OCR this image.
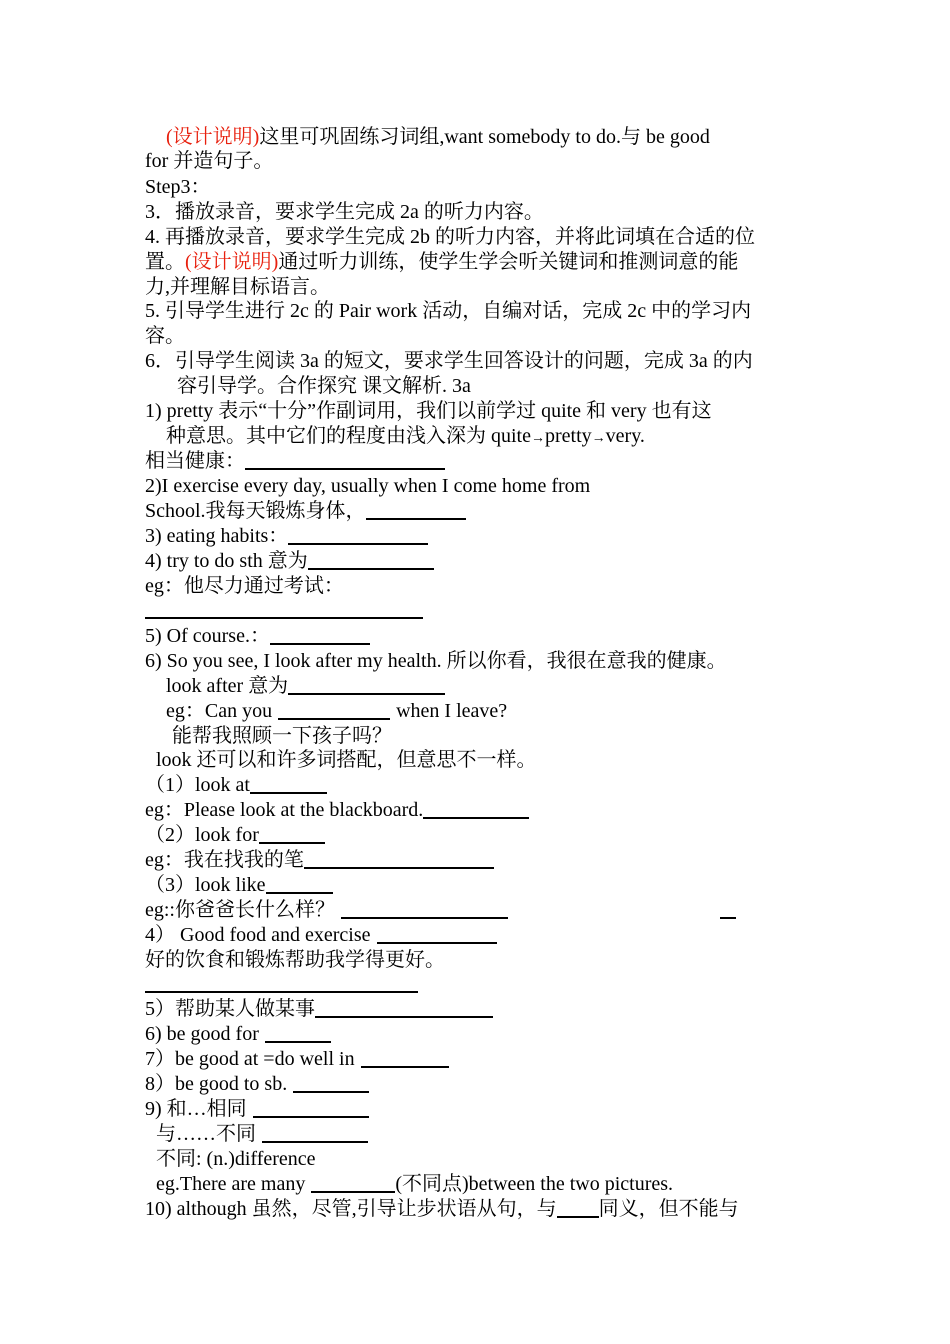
(设计说明)这里可巩固练习词组,want somebody to do.与 be good
for 并造句子。
Step3：
3．播放录音，要求学生完成 2a 的听力内容。
4. 再播放录音，要求学生完成 2b 的听力内容，并将此词填在合适的位
置。(设计说明)通过听力训练，使学生学会听关键词和推测词意的能
力,并理解目标语言。
5. 引导学生进行 2c 的 Pair work 活动，自编对话，完成 2c 中的学习内
容。
6．引导学生阅读 3a 的短文，要求学生回答设计的问题，完成 3a 的内
容引导学。合作探究 课文解析. 3a
1) pretty 表示“十分”作副词用，我们以前学过 quite 和 very 也有这
种意思。其中它们的程度由浅入深为 quite→pretty→very.
相当健康：
2)I exercise every day, usually when I come home from
School.我每天锻炼身体，
3) eating habits：
4) try to do sth 意为
eg：他尽力通过考试：
5) Of course.：
6) So you see, I look after my health. 所以你看，我很在意我的健康。
look after 意为
eg：Can you	when I leave?
能帮我照顾一下孩子吗？
look 还可以和许多词搭配，但意思不一样。
（1）look at
eg：Please look at the blackboard.
（2）look for
eg：我在找我的笔
（3）look like
eg::你爸爸长什么样？
4） Good food and exercise
好的饮食和锻炼帮助我学得更好。
5）帮助某人做某事
6) be good for
7）be good at =do well in
8）be good to sb.
9) 和…相同
与……不同
不同: (n.)difference
eg.There are many	(不同点)between the two pictures.
10) although 虽然，尽管,引导让步状语从句，与 同义，但不能与
